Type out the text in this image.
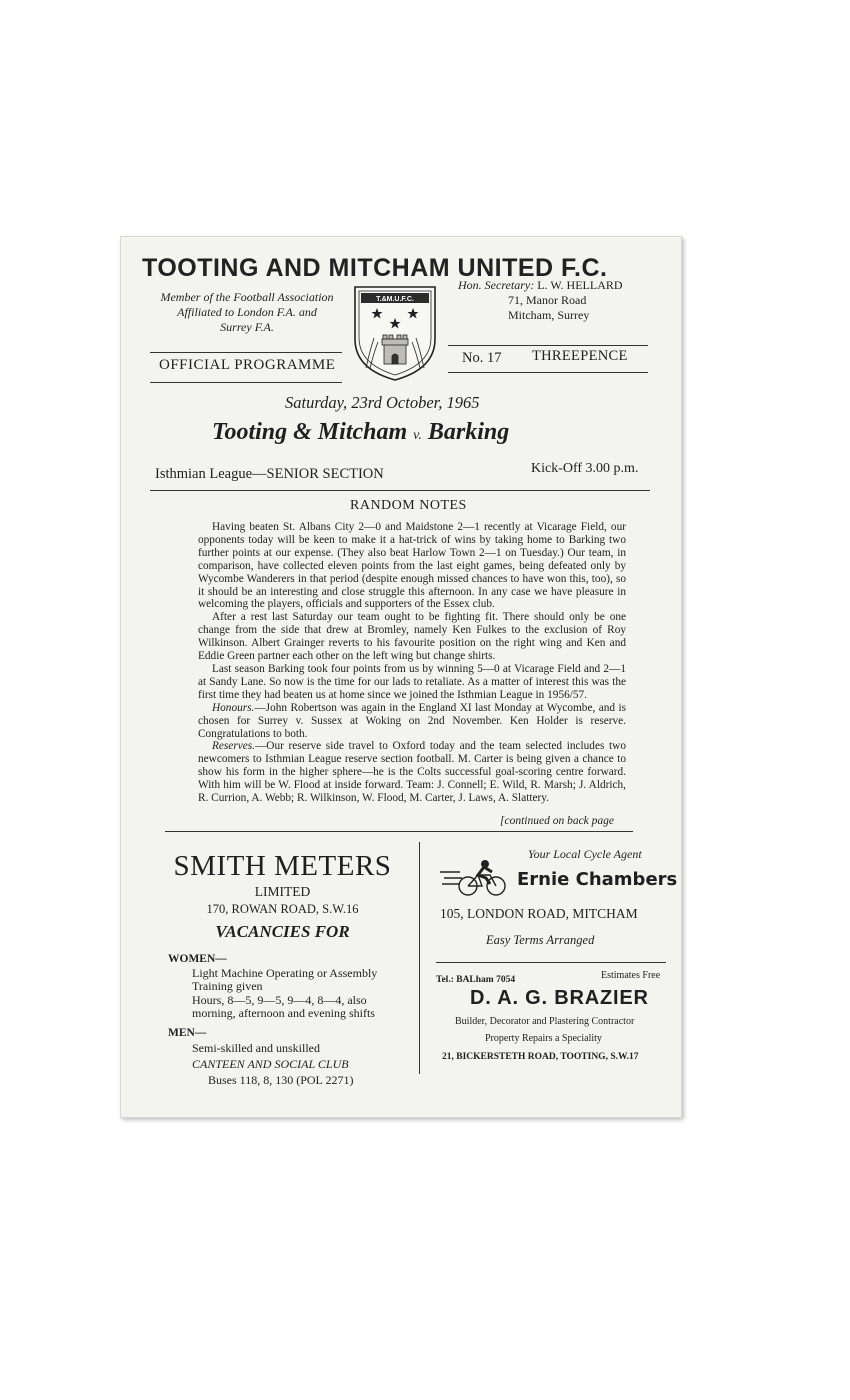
TOOTING AND MITCHAM UNITED F.C.
Member of the Football Association
Affiliated to London F.A. and
Surrey F.A.
Hon. Secretary: L. W. HELLARD
71, Manor Road
Mitcham, Surrey
T.&M.U.F.C.
OFFICIAL PROGRAMME	No. 17 THREEPENCE
Saturday, 23rd October, 1965
Tooting & Mitcham v. Barking
Isthmian League—SENIOR SECTION	Kick-Off 3.00 p.m.
RANDOM NOTES

Having beaten St. Albans City 2—0 and Maidstone 2—1 recently at Vicarage Field, our opponents today will be keen to make it a hat-trick of wins by taking home to Barking two further points at our expense. (They also beat Harlow Town 2—1 on Tuesday.) Our team, in comparison, have collected eleven points from the last eight games, being defeated only by Wycombe Wanderers in that period (despite enough missed chances to have won this, too), so it should be an interesting and close struggle this afternoon. In any case we have pleasure in welcoming the players, officials and supporters of the Essex club.

After a rest last Saturday our team ought to be fighting fit. There should only be one change from the side that drew at Bromley, namely Ken Fulkes to the exclusion of Roy Wilkinson. Albert Grainger reverts to his favourite position on the right wing and Ken and Eddie Green partner each other on the left wing but change shirts.

Last season Barking took four points from us by winning 5—0 at Vicarage Field and 2—1 at Sandy Lane. So now is the time for our lads to retaliate. As a matter of interest this was the first time they had beaten us at home since we joined the Isthmian League in 1956/57.

Honours.—John Robertson was again in the England XI last Monday at Wycombe, and is chosen for Surrey v. Sussex at Woking on 2nd November. Ken Holder is reserve. Congratulations to both.

Reserves.—Our reserve side travel to Oxford today and the team selected includes two newcomers to Isthmian League reserve section football. M. Carter is being given a chance to show his form in the higher sphere—he is the Colts successful goal-scoring centre forward. With him will be W. Flood at inside forward. Team: J. Connell; E. Wild, R. Marsh; J. Aldrich, R. Currion, A. Webb; R. Wilkinson, W. Flood, M. Carter, J. Laws, A. Slattery.

[continued on back page
SMITH METERS
LIMITED
170, ROWAN ROAD, S.W.16
VACANCIES FOR
WOMEN—
Light Machine Operating or Assembly
Training given
Hours, 8—5, 9—5, 9—4, 8—4, also
morning, afternoon and evening shifts
MEN—
Semi-skilled and unskilled
CANTEEN AND SOCIAL CLUB
Buses 118, 8, 130 (POL 2271)
Your Local Cycle Agent
Ernie Chambers
105, LONDON ROAD, MITCHAM
Easy Terms Arranged
Tel.: BALham 7054	Estimates Free
D. A. G. BRAZIER
Builder, Decorator and Plastering Contractor
Property Repairs a Speciality
21, BICKERSTETH ROAD, TOOTING, S.W.17
